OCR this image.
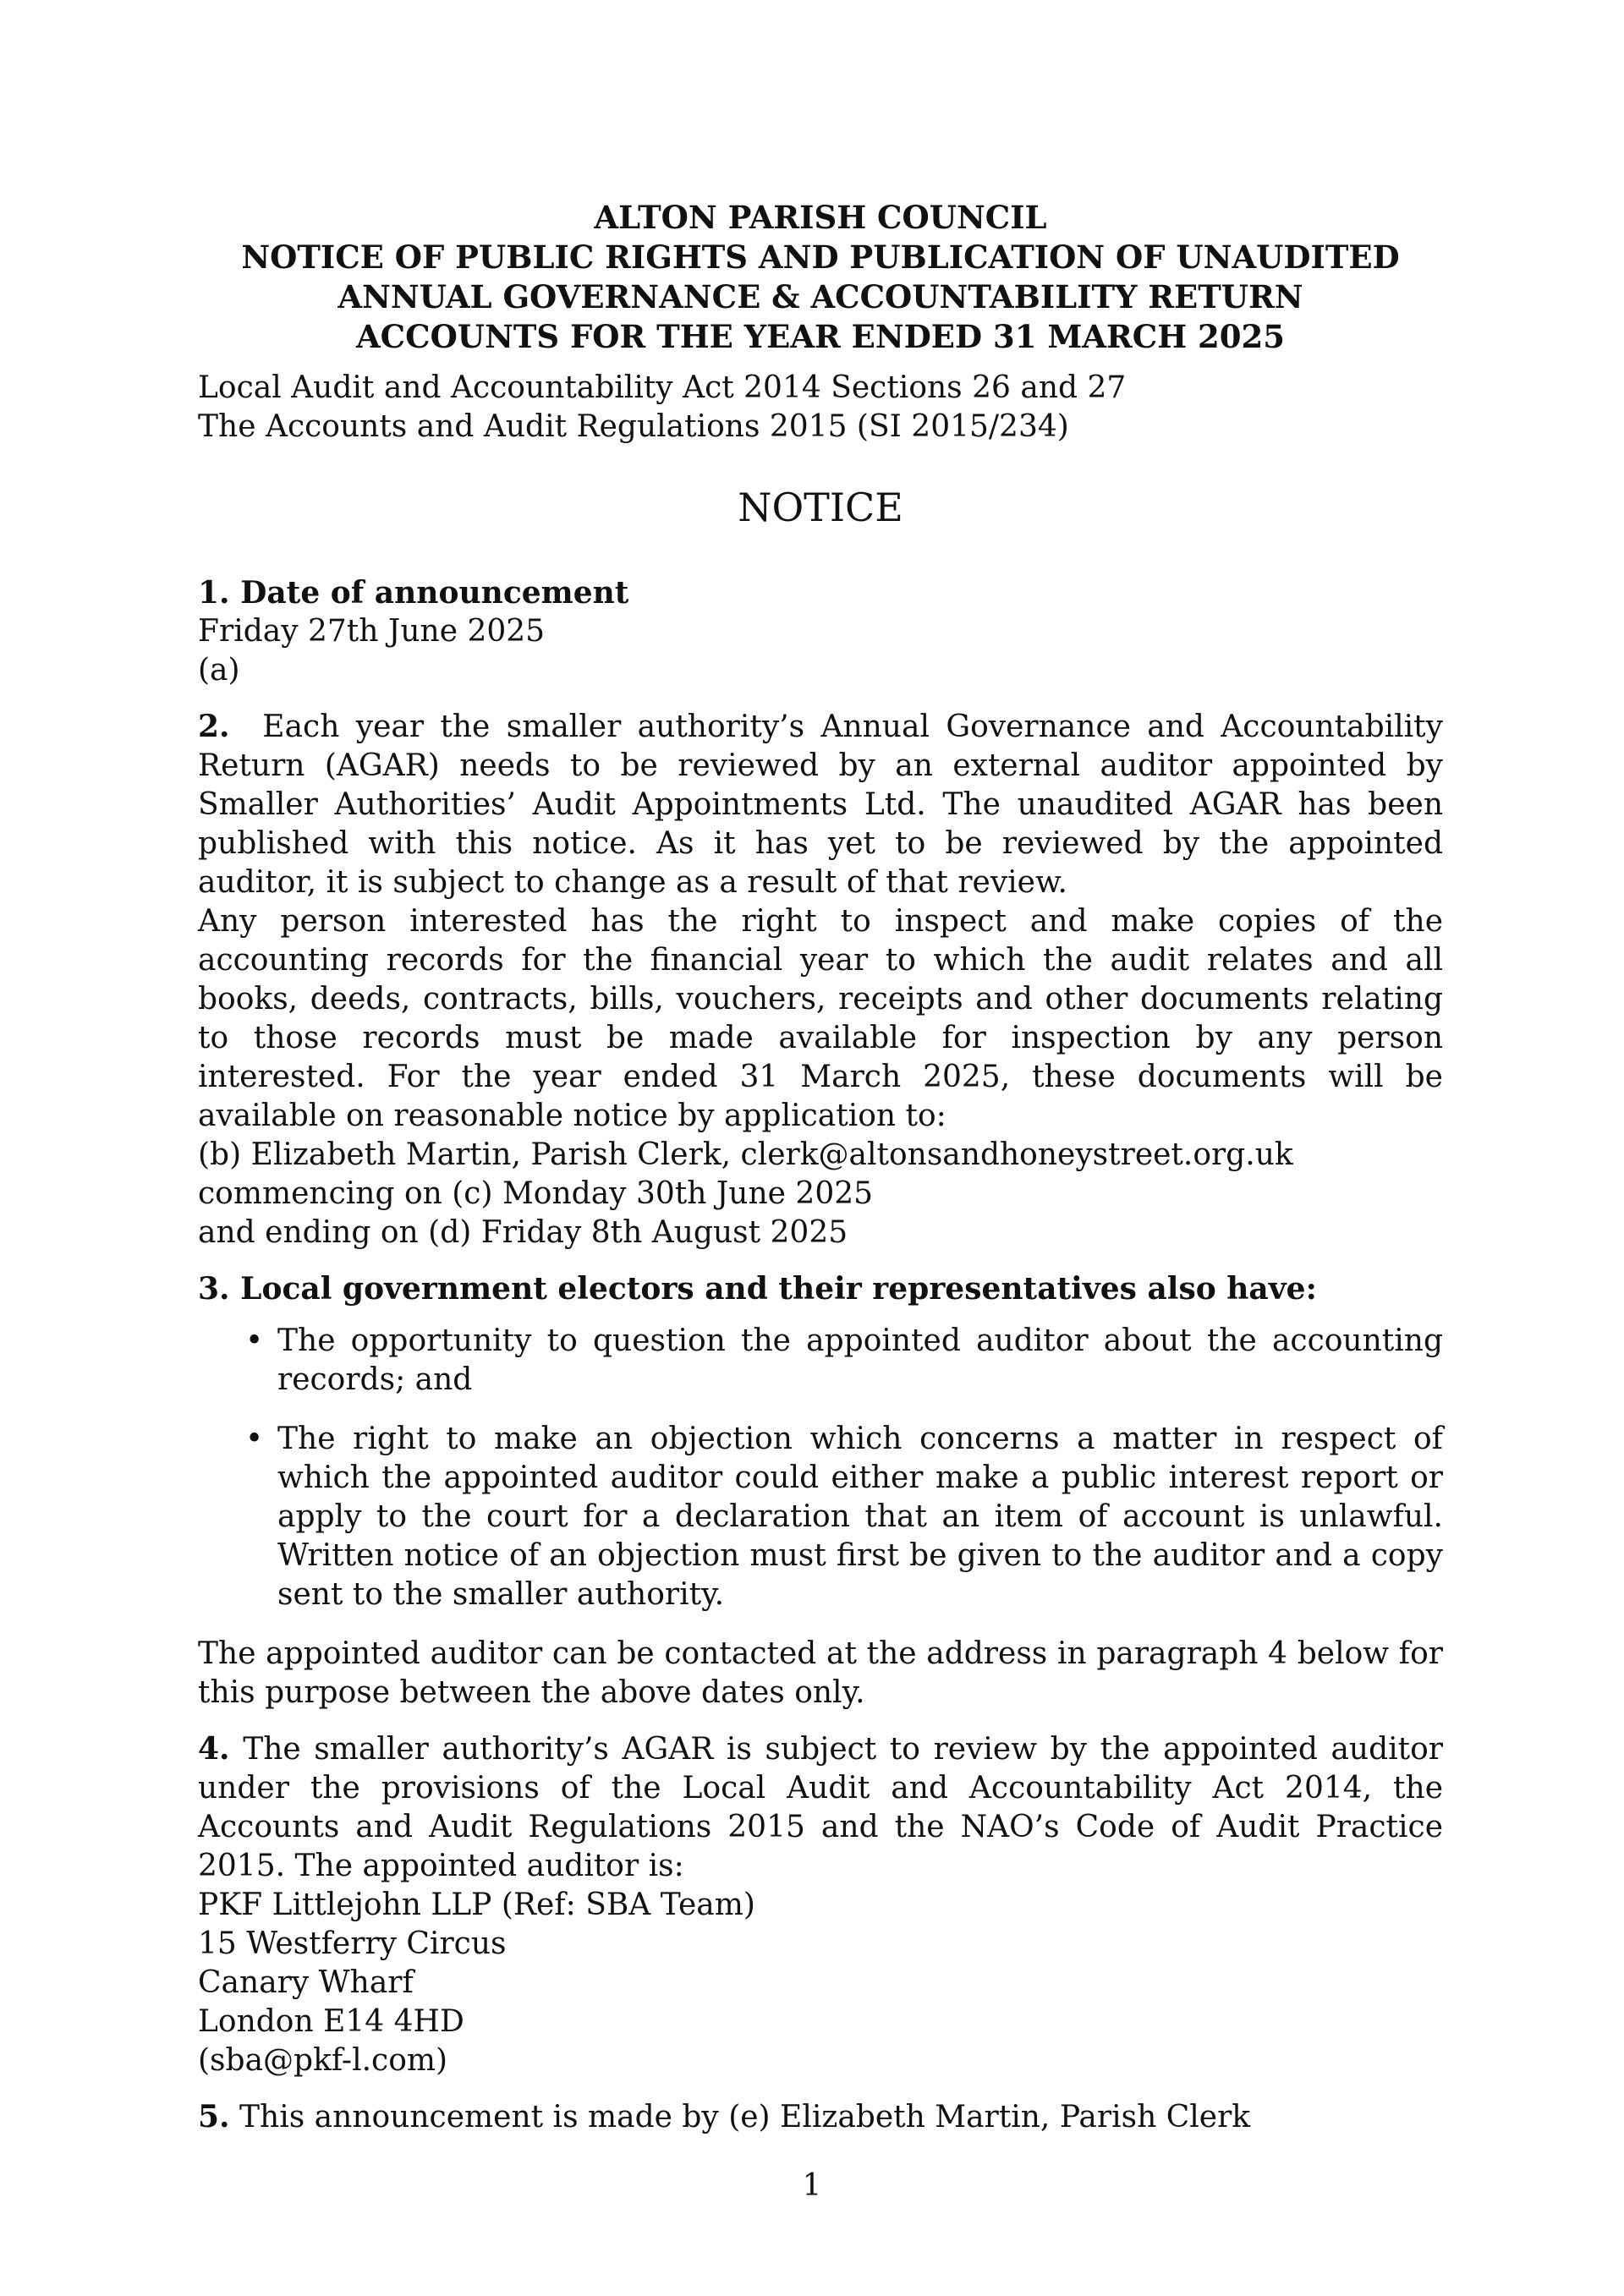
ALTON PARISH COUNCIL
NOTICE OF PUBLIC RIGHTS AND PUBLICATION OF UNAUDITED
ANNUAL GOVERNANCE & ACCOUNTABILITY RETURN
ACCOUNTS FOR THE YEAR ENDED 31 MARCH 2025
Local Audit and Accountability Act 2014 Sections 26 and 27
The Accounts and Audit Regulations 2015 (SI 2015/234)
NOTICE
1. Date of announcement
Friday 27th June 2025
(a)
2. Each year the smaller authority’s Annual Governance and Accountability Return (AGAR) needs to be reviewed by an external auditor appointed by Smaller Authorities’ Audit Appointments Ltd. The unaudited AGAR has been published with this notice. As it has yet to be reviewed by the appointed auditor, it is subject to change as a result of that review.
Any person interested has the right to inspect and make copies of the accounting records for the financial year to which the audit relates and all books, deeds, contracts, bills, vouchers, receipts and other documents relating to those records must be made available for inspection by any person interested. For the year ended 31 March 2025, these documents will be available on reasonable notice by application to:
(b) Elizabeth Martin, Parish Clerk, clerk@altonsandhoneystreet.org.uk
commencing on (c) Monday 30th June 2025
and ending on (d) Friday 8th August 2025
3. Local government electors and their representatives also have:
• The opportunity to question the appointed auditor about the accounting records; and
• The right to make an objection which concerns a matter in respect of which the appointed auditor could either make a public interest report or apply to the court for a declaration that an item of account is unlawful. Written notice of an objection must first be given to the auditor and a copy sent to the smaller authority.
The appointed auditor can be contacted at the address in paragraph 4 below for this purpose between the above dates only.
4. The smaller authority’s AGAR is subject to review by the appointed auditor under the provisions of the Local Audit and Accountability Act 2014, the Accounts and Audit Regulations 2015 and the NAO’s Code of Audit Practice 2015. The appointed auditor is:
PKF Littlejohn LLP (Ref: SBA Team)
15 Westferry Circus
Canary Wharf
London E14 4HD
(sba@pkf-l.com)
5. This announcement is made by (e) Elizabeth Martin, Parish Clerk
1
